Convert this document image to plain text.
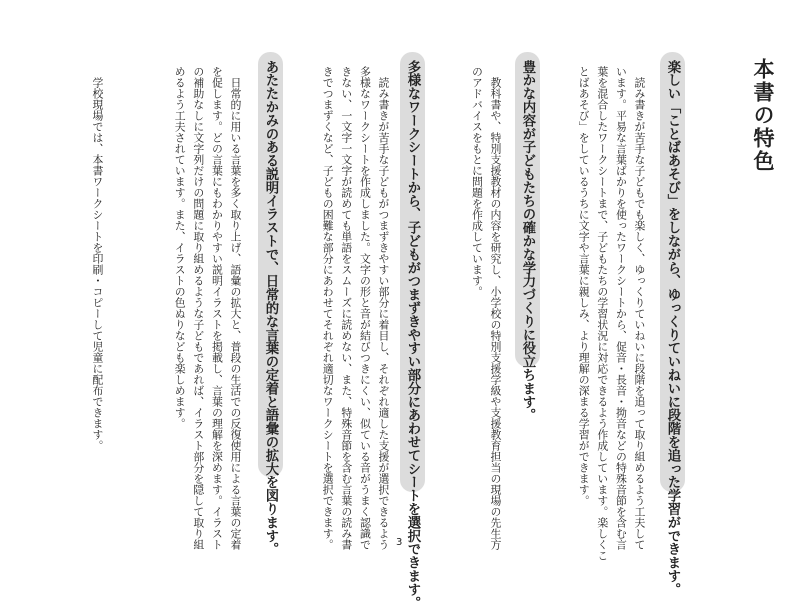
本書の特色
楽しい「ことばあそび」をしながら、ゆっくりていねいに段階を追った学習ができます。
　読み書きが苦手な子どもでも楽しく、ゆっくりていねいに段階を追って取り組めるよう工夫して
います。平易な言葉ばかりを使ったワークシートから、促音・長音・拗音などの特殊音節を含む言
葉を混合したワークシートまで、子どもたちの学習状況に対応できるよう作成しています。楽しくこ
とばあそび」をしているうちに文字や言葉に親しみ、より理解の深まる学習ができます。
豊かな内容が子どもたちの確かな学力づくりに役立ちます。
　教科書や、特別支援教材の内容を研究し、小学校の特別支援学級や支援教育担当の現場の先生方
のアドバイスをもとに問題を作成しています。
多様なワークシートから、子どもがつまずきやすい部分にあわせてシートを選択できます。
　読み書きが苦手な子どもがつまずきやすい部分に着目し、それぞれ適した支援が選択できるよう
多様なワークシートを作成しました。文字の形と音が結びつきにくい、似ている音がうまく認識で
きない、一文字一文字が読めても単語をスムーズに読めない、また、特殊音節を含む言葉の読み書
きでつまずくなど、子どもの困難な部分にあわせてそれぞれ適切なワークシートを選択できます。
あたたかみのある説明イラストで、日常的な言葉の定着と語彙の拡大を図ります。
　日常的に用いる言葉を多く取り上げ、語彙の拡大と、普段の生活での反復使用による言葉の定着
を促します。どの言葉にもわかりやすい説明イラストを掲載し、言葉の理解を深めます。イラスト
の補助なしに文字列だけの問題に取り組めるような子どもであれば、イラスト部分を隠して取り組
めるよう工夫されています。また、イラストの色ぬりなども楽しめます。
　学校現場では、本書ワークシートを印刷・コピーして児童に配布できます。
3
